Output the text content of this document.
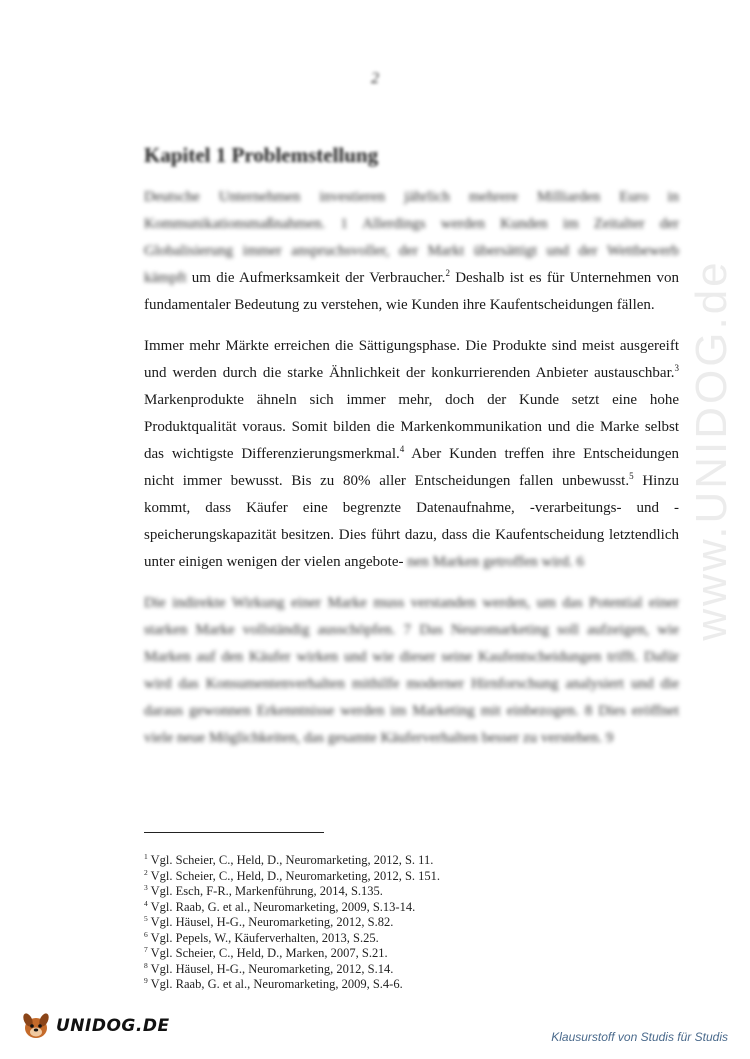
2
www.UNIDOG.de
Kapitel 1 Problemstellung

Deutsche Unternehmen investieren jährlich mehrere Milliarden Euro in Kommunikationsmaßnahmen. 1 Allerdings werden Kunden im Zeitalter der Globalisierung immer anspruchsvoller, der Markt übersättigt und der Wettbewerb kämpft um die Aufmerksamkeit der Verbraucher.$^2$ Deshalb ist es für Unternehmen von fundamentaler Bedeutung zu verstehen, wie Kunden ihre Kaufentscheidungen fällen.

Immer mehr Märkte erreichen die Sättigungsphase. Die Produkte sind meist ausgereift und werden durch die starke Ähnlichkeit der konkurrierenden Anbieter austauschbar.$^3$ Markenprodukte ähneln sich immer mehr, doch der Kunde setzt eine hohe Produktqualität voraus. Somit bilden die Markenkommunikation und die Marke selbst das wichtigste Differenzierungsmerkmal.$^4$ Aber Kunden treffen ihre Entscheidungen nicht immer bewusst. Bis zu 80% aller Entscheidungen fallen unbewusst.$^5$ Hinzu kommt, dass Käufer eine begrenzte Datenaufnahme, -verarbeitungs- und -speicherungskapazität besitzen. Dies führt dazu, dass die Kaufentscheidung letztendlich unter einigen wenigen der vielen angebote- nen Marken getroffen wird. 6

Die indirekte Wirkung einer Marke muss verstanden werden, um das Potential einer starken Marke vollständig ausschöpfen. 7 Das Neuromarketing soll aufzeigen, wie Marken auf den Käufer wirken und wie dieser seine Kaufentscheidungen trifft. Dafür wird das Konsumentenverhalten mithilfe moderner Hirnforschung analysiert und die daraus gewonnen Erkenntnisse werden im Marketing mit einbezogen. 8 Dies eröffnet viele neue Möglichkeiten, das gesamte Käuferverhalten besser zu verstehen. 9

$^1$ Vgl. Scheier, C., Held, D., Neuromarketing, 2012, S. 11.
$^2$ Vgl. Scheier, C., Held, D., Neuromarketing, 2012, S. 151.
$^3$ Vgl. Esch, F-R., Markenführung, 2014, S.135.
$^4$ Vgl. Raab, G. et al., Neuromarketing, 2009, S.13-14.
$^5$ Vgl. Häusel, H-G., Neuromarketing, 2012, S.82.
$^6$ Vgl. Pepels, W., Käuferverhalten, 2013, S.25.
$^7$ Vgl. Scheier, C., Held, D., Marken, 2007, S.21.
$^8$ Vgl. Häusel, H-G., Neuromarketing, 2012, S.14.
$^9$ Vgl. Raab, G. et al., Neuromarketing, 2009, S.4-6.
UNIDOG.DE
Klausurstoff von Studis für Studis
